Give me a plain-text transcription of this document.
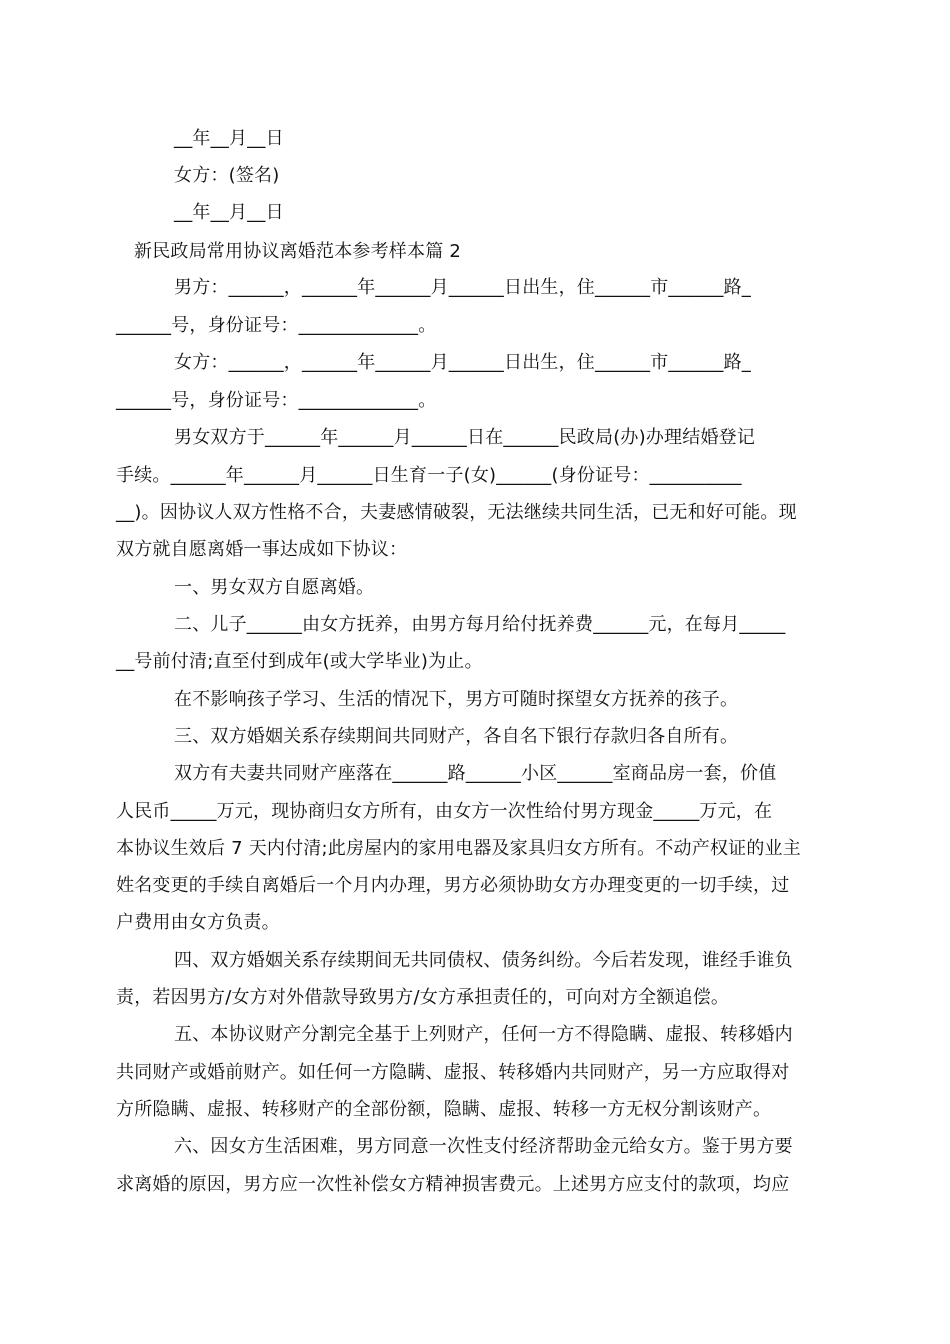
__年__月__日
女方：(签名)
__年__月__日
新民政局常用协议离婚范本参考样本篇 2
男方：______，______年______月______日出生，住______市______路_
______号，身份证号：_____________。
女方：______，______年______月______日出生，住______市______路_
______号，身份证号：_____________。
男女双方于______年______月______日在______民政局(办)办理结婚登记
手续。______年______月______日生育一子(女)______(身份证号：__________
__)。因协议人双方性格不合，夫妻感情破裂，无法继续共同生活，已无和好可能。现
双方就自愿离婚一事达成如下协议：
一、男女双方自愿离婚。
二、儿子______由女方抚养，由男方每月给付抚养费______元，在每月_____
__号前付清;直至付到成年(或大学毕业)为止。
在不影响孩子学习、生活的情况下，男方可随时探望女方抚养的孩子。
三、双方婚姻关系存续期间共同财产，各自名下银行存款归各自所有。
双方有夫妻共同财产座落在______路______小区______室商品房一套，价值
人民币_____万元，现协商归女方所有，由女方一次性给付男方现金_____万元，在
本协议生效后 7 天内付清;此房屋内的家用电器及家具归女方所有。不动产权证的业主
姓名变更的手续自离婚后一个月内办理，男方必须协助女方办理变更的一切手续，过
户费用由女方负责。
四、双方婚姻关系存续期间无共同债权、债务纠纷。今后若发现，谁经手谁负
责，若因男方/女方对外借款导致男方/女方承担责任的，可向对方全额追偿。
五、本协议财产分割完全基于上列财产，任何一方不得隐瞒、虚报、转移婚内
共同财产或婚前财产。如任何一方隐瞒、虚报、转移婚内共同财产，另一方应取得对
方所隐瞒、虚报、转移财产的全部份额，隐瞒、虚报、转移一方无权分割该财产。
六、因女方生活困难，男方同意一次性支付经济帮助金元给女方。鉴于男方要
求离婚的原因，男方应一次性补偿女方精神损害费元。上述男方应支付的款项，均应
